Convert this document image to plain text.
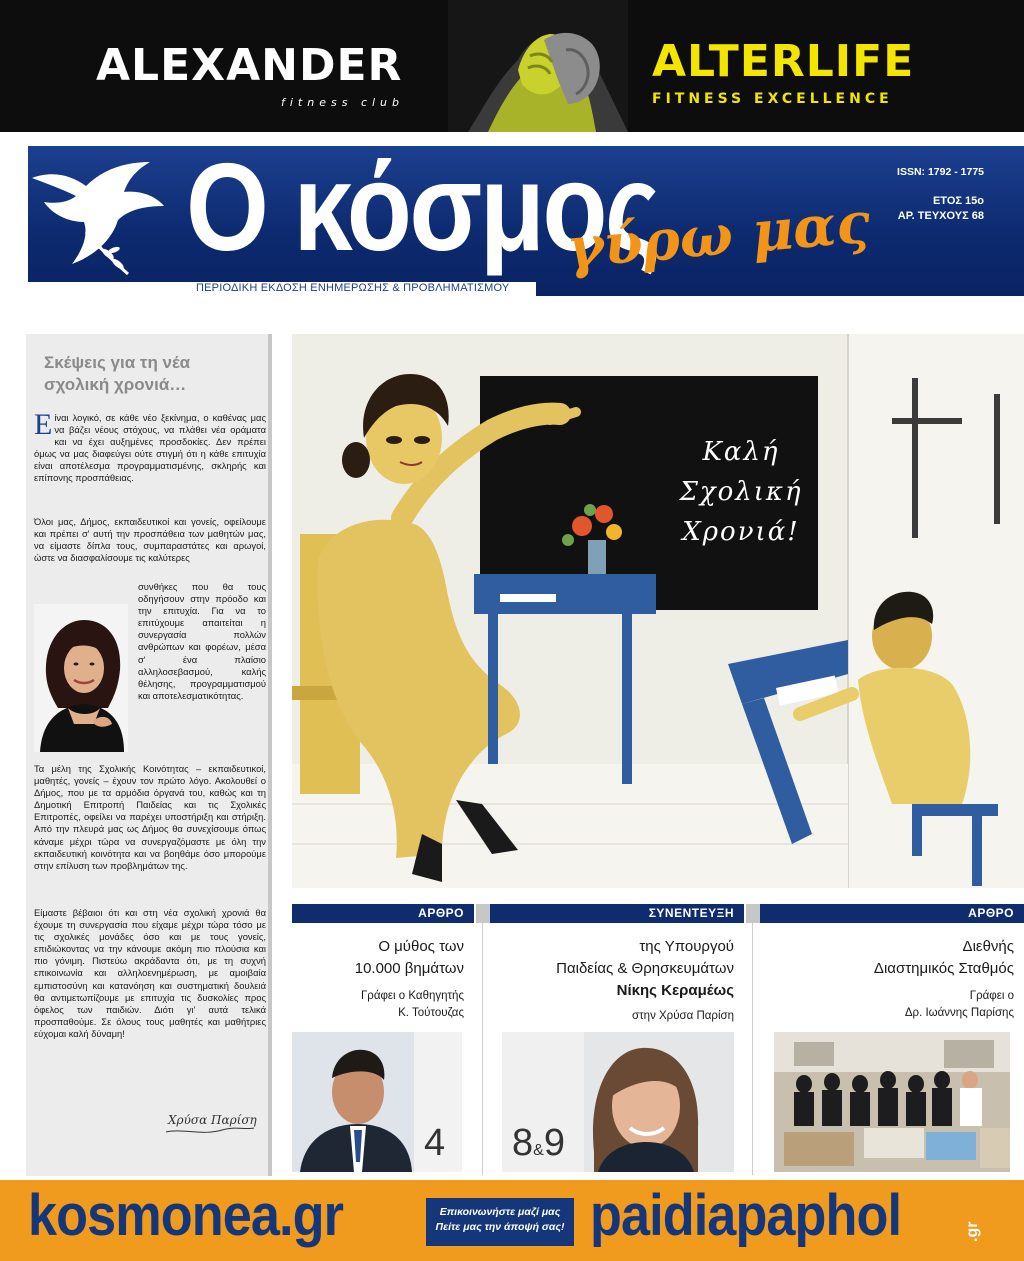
ALEXANDER
fitness club
ALTERLIFE
FITNESS EXCELLENCE
Ο κόσμος
γύρω μας
ΠΕΡΙΟΔΙΚΗ ΕΚΔΟΣΗ ΕΝΗΜΕΡΩΣΗΣ & ΠΡΟΒΛΗΜΑΤΙΣΜΟΥ
ISSN: 1792 - 1775
ΕΤΟΣ 15ο
ΑΡ. ΤΕΥΧΟΥΣ 68
Σκέψεις για τη νέα σχολική χρονιά…
Είναι λογικό, σε κάθε νέο ξεκίνημα, ο καθένας μας να βάζει νέους στόχους, να πλάθει νέα οράματα και να έχει αυξημένες προσδοκίες. Δεν πρέπει όμως να μας διαφεύγει ούτε στιγμή ότι η κάθε επιτυχία είναι αποτέλεσμα προγραμματισμένης, σκληρής και επίπονης προσπάθειας.
Όλοι μας, Δήμος, εκπαιδευτικοί και γονείς, οφείλουμε και πρέπει σ' αυτή την προσπάθεια των μαθητών μας, να είμαστε δίπλα τους, συμπαραστάτες και αρωγοί, ώστε να διασφαλίσουμε τις καλύτερες
συνθήκες που θα τους οδηγήσουν στην πρόοδο και την επιτυχία. Για να το επιτύχουμε απαιτείται η συνεργασία πολλών ανθρώπων και φορέων, μέσα σ' ένα πλαίσιο αλληλοσεβασμού, καλής θέλησης, προγραμματισμού και αποτελεσματικότητας.
Τα μέλη της Σχολικής Κοινότητας – εκπαιδευτικοί, μαθητές, γονείς – έχουν τον πρώτο λόγο. Ακολουθεί ο Δήμος, που με τα αρμόδια όργανά του, καθώς και τη Δημοτική Επιτροπή Παιδείας και τις Σχολικές Επιτροπές, οφείλει να παρέχει υποστήριξη και στήριξη. Από την πλευρά μας ως Δήμος θα συνεχίσουμε όπως κάναμε μέχρι τώρα να συνεργαζόμαστε με όλη την εκπαιδευτική κοινότητα και να βοηθάμε όσο μπορούμε στην επίλυση των προβλημάτων της.
Είμαστε βέβαιοι ότι και στη νέα σχολική χρονιά θα έχουμε τη συνεργασία που είχαμε μέχρι τώρα τόσο με τις σχολικές μονάδες όσο και με τους γονείς, επιδιώκοντας να την κάνουμε ακόμη πιο πλούσια και πιο γόνιμη. Πιστεύω ακράδαντα ότι, με τη συχνή επικοινωνία και αλληλοενημέρωση, με αμοιβαία εμπιστοσύνη και κατανόηση και συστηματική δουλειά θα αντιμετωπίζουμε με επιτυχία τις δυσκολίες προς όφελος των παιδιών. Διότι γι' αυτά τελικά προσπαθούμε. Σε όλους τους μαθητές και μαθήτριες εύχομαι καλή δύναμη!
Χρύσα Παρίση
Καλή
Σχολική
Χρονιά!
ΑΡΘΡΟ
Ο μύθος των
10.000 βημάτων
Γράφει ο Καθηγητής
Κ. Τούτουζας
4
ΣΥΝΕΝΤΕΥΞΗ
της Υπουργού
Παιδείας & Θρησκευμάτων
Νίκης Κεραμέως
στην Χρύσα Παρίση
8&9
ΑΡΘΡΟ
Διεθνής
Διαστημικός Σταθμός
Γράφει ο
Δρ. Ιωάννης Παρίσης
kosmonea.gr	Επικοινωνήστε μαζί μας
Πείτε μας την άποψή σας! paidiapaphol	.gr
